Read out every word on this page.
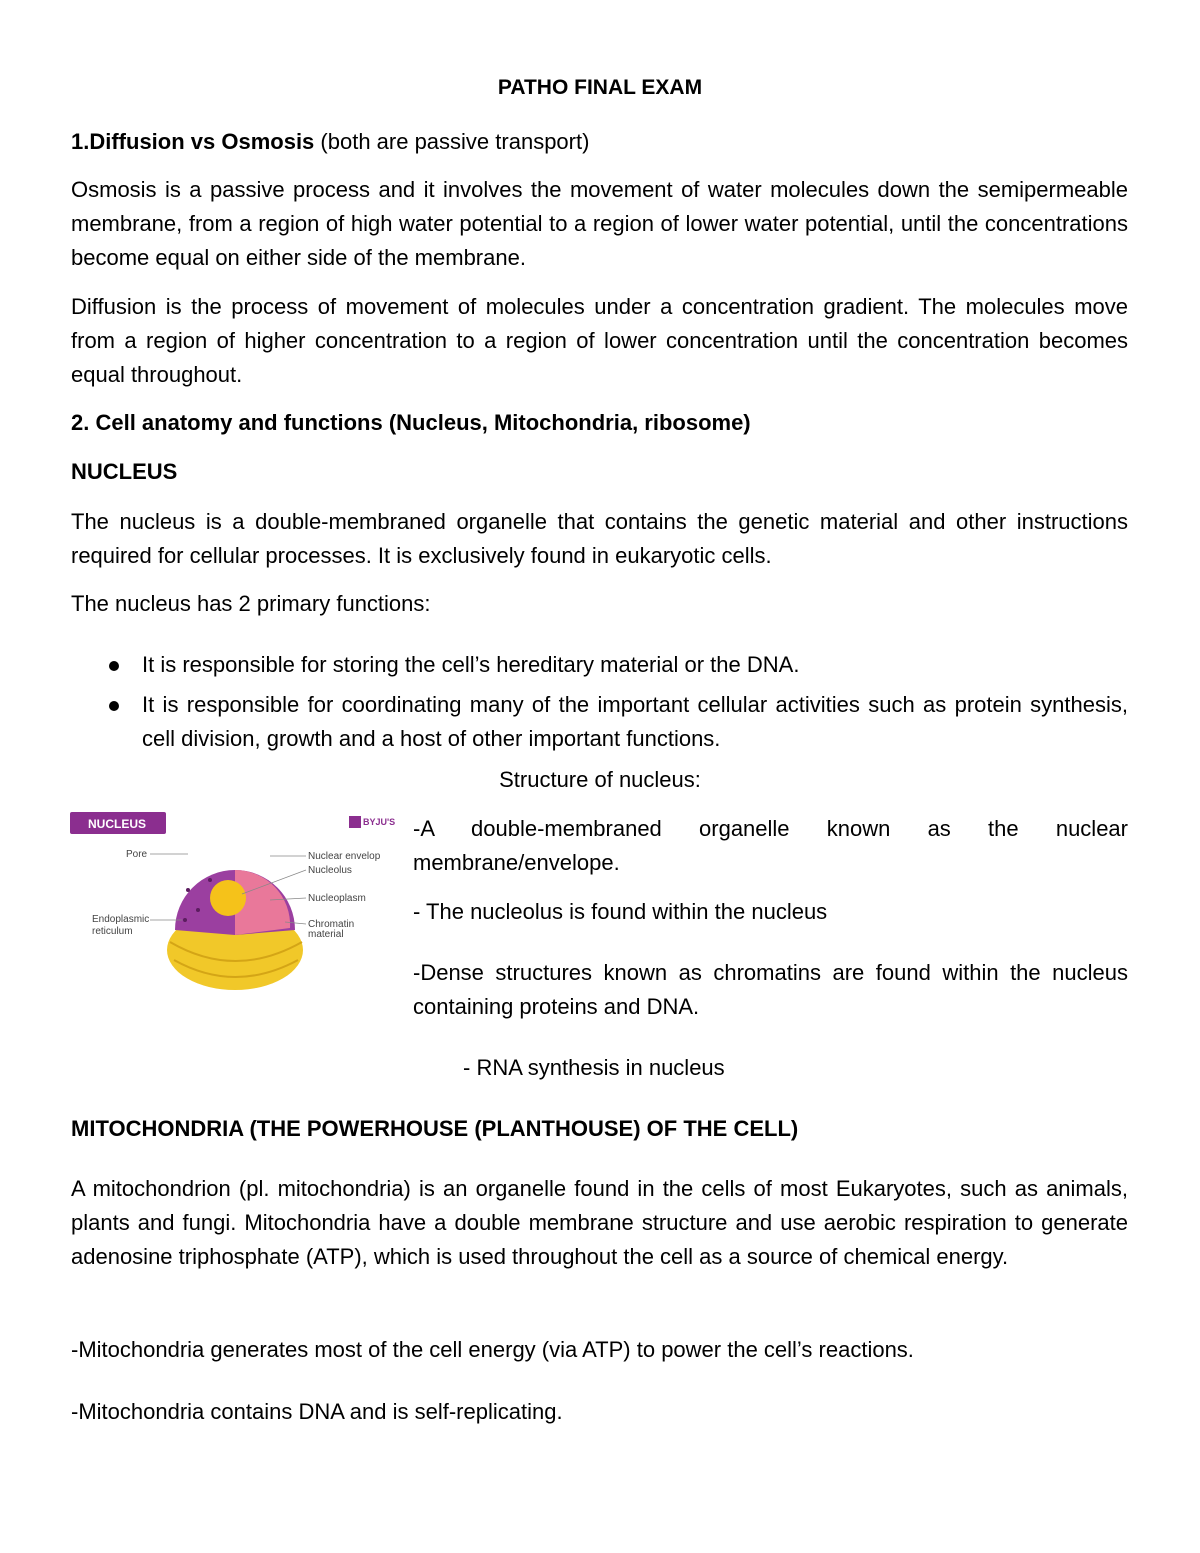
PATHO FINAL EXAM

1.Diffusion vs Osmosis (both are passive transport)

Osmosis is a passive process and it involves the movement of water molecules down the semipermeable membrane, from a region of high water potential to a region of lower water potential, until the concentrations become equal on either side of the membrane.

Diffusion is the process of movement of molecules under a concentration gradient. The molecules move from a region of higher concentration to a region of lower concentration until the concentration becomes equal throughout.

2. Cell anatomy and functions (Nucleus, Mitochondria, ribosome)

NUCLEUS

The nucleus is a double-membraned organelle that contains the genetic material and other instructions required for cellular processes. It is exclusively found in eukaryotic cells.

The nucleus has 2 primary functions:

It is responsible for storing the cell’s hereditary material or the DNA.
It is responsible for coordinating many of the important cellular activities such as protein synthesis, cell division, growth and a host of other important functions.

Structure of nucleus:

NUCLEUS	BYJU'S
Pore
Endoplasmic
reticulum
Nuclear envelop
Nucleolus
Nucleoplasm
Chromatin
material

-A double-membraned organelle known as the nuclear

membrane/envelope.

- The nucleolus is found within the nucleus

-Dense structures known as chromatins are found within the nucleus containing proteins and DNA.

- RNA synthesis in nucleus

MITOCHONDRIA (THE POWERHOUSE (PLANTHOUSE) OF THE CELL)

A mitochondrion (pl. mitochondria) is an organelle found in the cells of most Eukaryotes, such as animals, plants and fungi. Mitochondria have a double membrane structure and use aerobic respiration to generate adenosine triphosphate (ATP), which is used throughout the cell as a source of chemical energy.

-Mitochondria generates most of the cell energy (via ATP) to power the cell’s reactions.

-Mitochondria contains DNA and is self-replicating.
